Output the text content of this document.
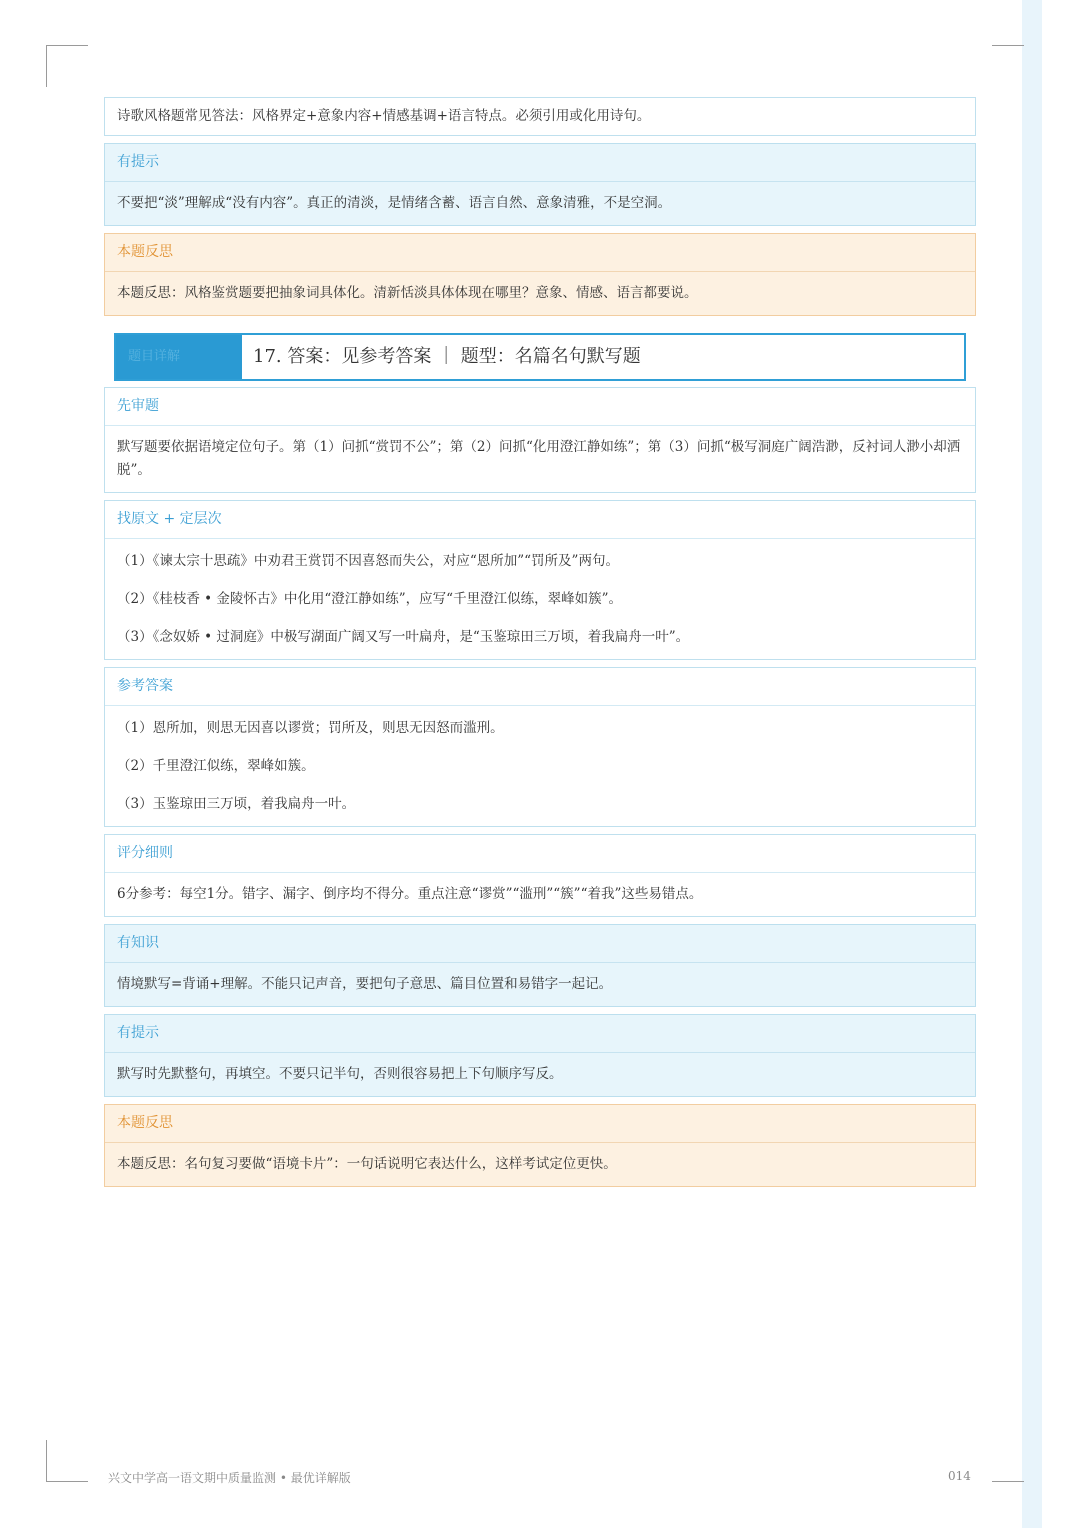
诗歌风格题常见答法：风格界定+意象内容+情感基调+语言特点。必须引用或化用诗句。
有提示
不要把“淡”理解成“没有内容”。真正的清淡，是情绪含蓄、语言自然、意象清雅，不是空洞。
本题反思
本题反思：风格鉴赏题要把抽象词具体化。清新恬淡具体体现在哪里？意象、情感、语言都要说。
题目详解	17. 答案：见参考答案 ｜ 题型：名篇名句默写题
先审题
默写题要依据语境定位句子。第（1）问抓“赏罚不公”；第（2）问抓“化用澄江静如练”；第（3）问抓“极写洞庭广阔浩渺，反衬词人渺小却洒脱”。
找原文 + 定层次

（1）《谏太宗十思疏》中劝君王赏罚不因喜怒而失公，对应“恩所加”“罚所及”两句。

（2）《桂枝香 • 金陵怀古》中化用“澄江静如练”，应写“千里澄江似练，翠峰如簇”。

（3）《念奴娇 • 过洞庭》中极写湖面广阔又写一叶扁舟，是“玉鉴琼田三万顷，着我扁舟一叶”。

参考答案

（1）恩所加，则思无因喜以谬赏；罚所及，则思无因怒而滥刑。

（2）千里澄江似练，翠峰如簇。

（3）玉鉴琼田三万顷，着我扁舟一叶。

评分细则
6分参考：每空1分。错字、漏字、倒序均不得分。重点注意“谬赏”“滥刑”“簇”“着我”这些易错点。
有知识
情境默写=背诵+理解。不能只记声音，要把句子意思、篇目位置和易错字一起记。
有提示
默写时先默整句，再填空。不要只记半句，否则很容易把上下句顺序写反。
本题反思
本题反思：名句复习要做“语境卡片”：一句话说明它表达什么，这样考试定位更快。
兴文中学高一语文期中质量监测 • 最优详解版	014
